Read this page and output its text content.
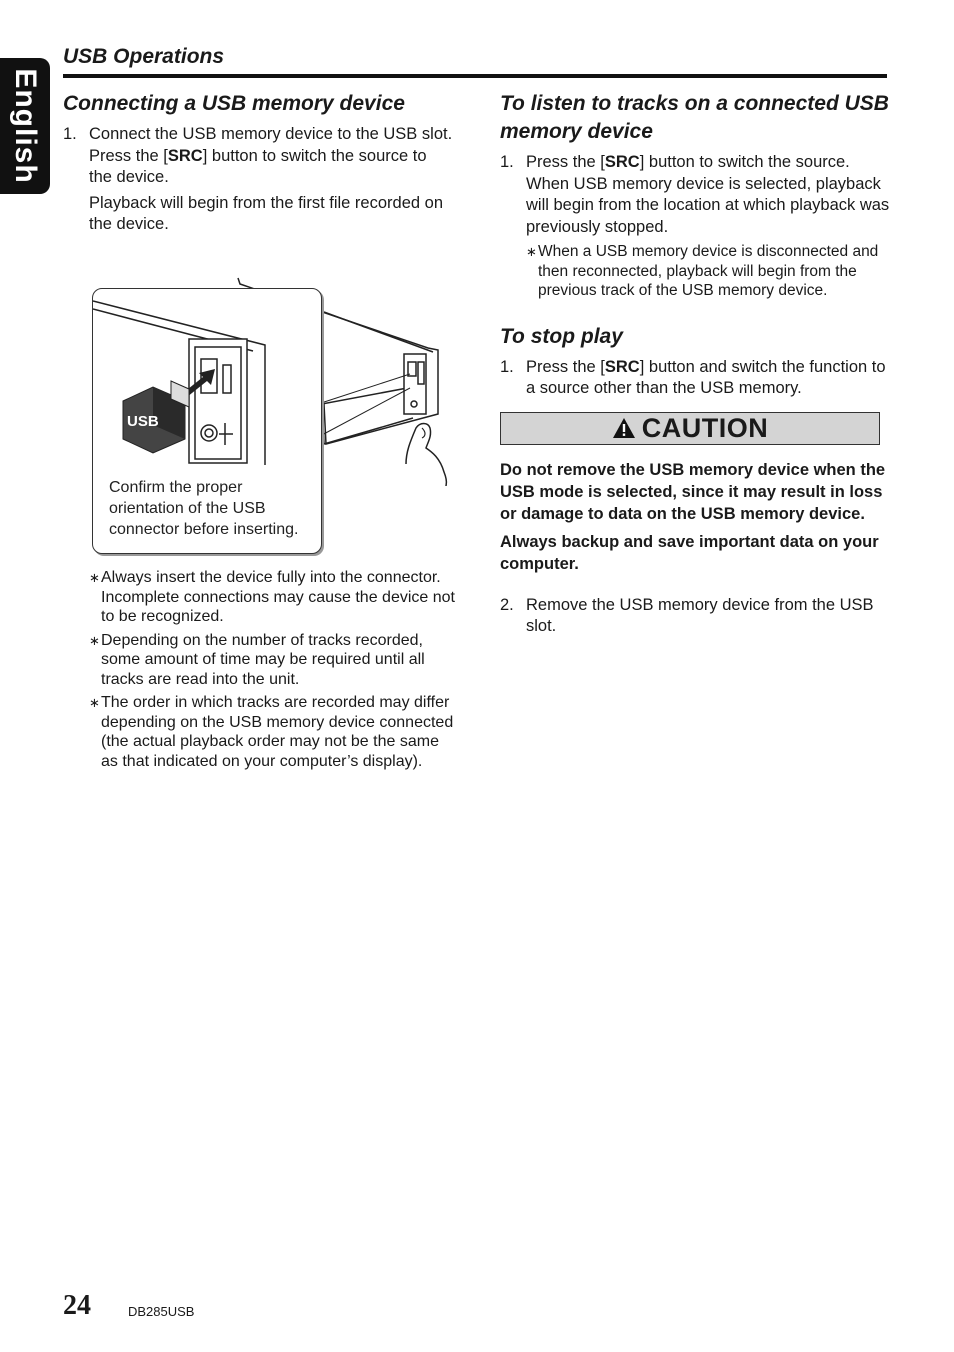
English
USB Operations
Connecting a USB memory device

1. Connect the USB memory device to the USB slot. Press the [SRC] button to switch the source to the device.

Playback will begin from the first file recorded on the device.

USB
Confirm the proper orientation of the USB connector before inserting.

∗ Always insert the device fully into the connector. Incomplete connections may cause the device not to be recognized.

∗ Depending on the number of tracks recorded, some amount of time may be required until all tracks are read into the unit.

∗ The order in which tracks are recorded may differ depending on the USB memory device connected (the actual playback order may not be the same as that indicated on your computer’s display).

To listen to tracks on a connected USB memory device

1. Press the [SRC] button to switch the source. When USB memory device is selected, playback will begin from the location at which playback was previously stopped.

∗ When a USB memory device is disconnected and then reconnected, playback will begin from the previous track of the USB memory device.

To stop play

1. Press the [SRC] button and switch the function to a source other than the USB memory.

CAUTION

Do not remove the USB memory device when the USB mode is selected, since it may result in loss or damage to data on the USB memory device.

Always backup and save important data on your computer.

2. Remove the USB memory device from the USB slot.

24	DB285USB
